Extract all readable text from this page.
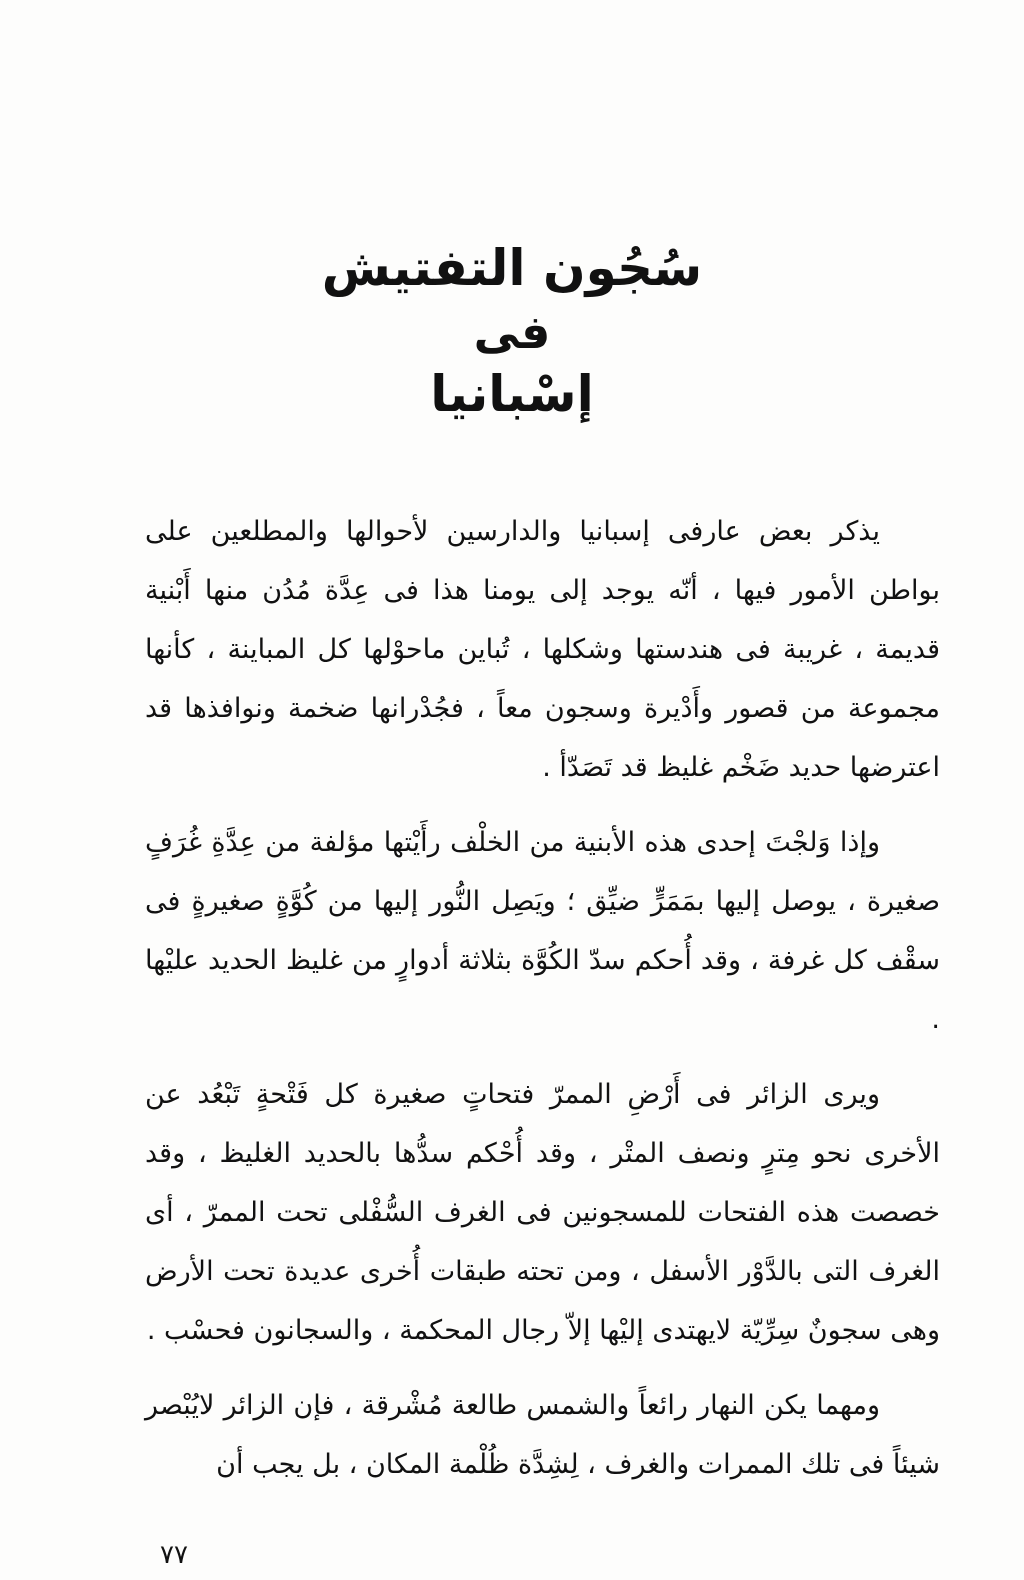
سُجُون التفتيش
فى
إسْبانيا

يذكر بعض عارفى إسبانيا والدارسين لأحوالها والمطلعين على بواطن الأمور فيها ، أنّه يوجد إلى يومنا هذا فى عِدَّة مُدُن منها أَبْنية قديمة ، غريبة فى هندستها وشكلها ، تُباين ماحوْلها كل المباينة ، كأنها مجموعة من قصور وأَدْيرة وسجون معاً ، فجُدْرانها ضخمة ونوافذها قد اعترضها حديد ضَخْم غليظ قد تَصَدّأ .

وإذا وَلجْتَ إحدى هذه الأبنية من الخلْف رأَيْتها مؤلفة من عِدَّةِ غُرَفٍ صغيرة ، يوصل إليها بمَمَرٍّ ضيِّق ؛ ويَصِل النُّور إليها من كُوَّةٍ صغيرةٍ فى سقْف كل غرفة ، وقد أُحكم سدّ الكُوَّة بثلاثة أدوارٍ من غليظ الحديد عليْها .

ويرى الزائر فى أَرْضِ الممرّ فتحاتٍ صغيرة كل فَتْحةٍ تَبْعُد عن الأخرى نحو مِترٍ ونصف المتْر ، وقد أُحْكم سدُّها بالحديد الغليظ ، وقد خصصت هذه الفتحات للمسجونين فى الغرف السُّفْلى تحت الممرّ ، أى الغرف التى بالدَّوْر الأسفل ، ومن تحته طبقات أُخرى عديدة تحت الأرض وهى سجونٌ سِرِّيّة لايهتدى إليْها إلاّ رجال المحكمة ، والسجانون فحسْب .

ومهما يكن النهار رائعاً والشمس طالعة مُشْرقة ، فإن الزائر لايُبْصر شيئاً فى تلك الممرات والغرف ، لِشِدَّة ظُلْمة المكان ، بل يجب أن

٧٧
